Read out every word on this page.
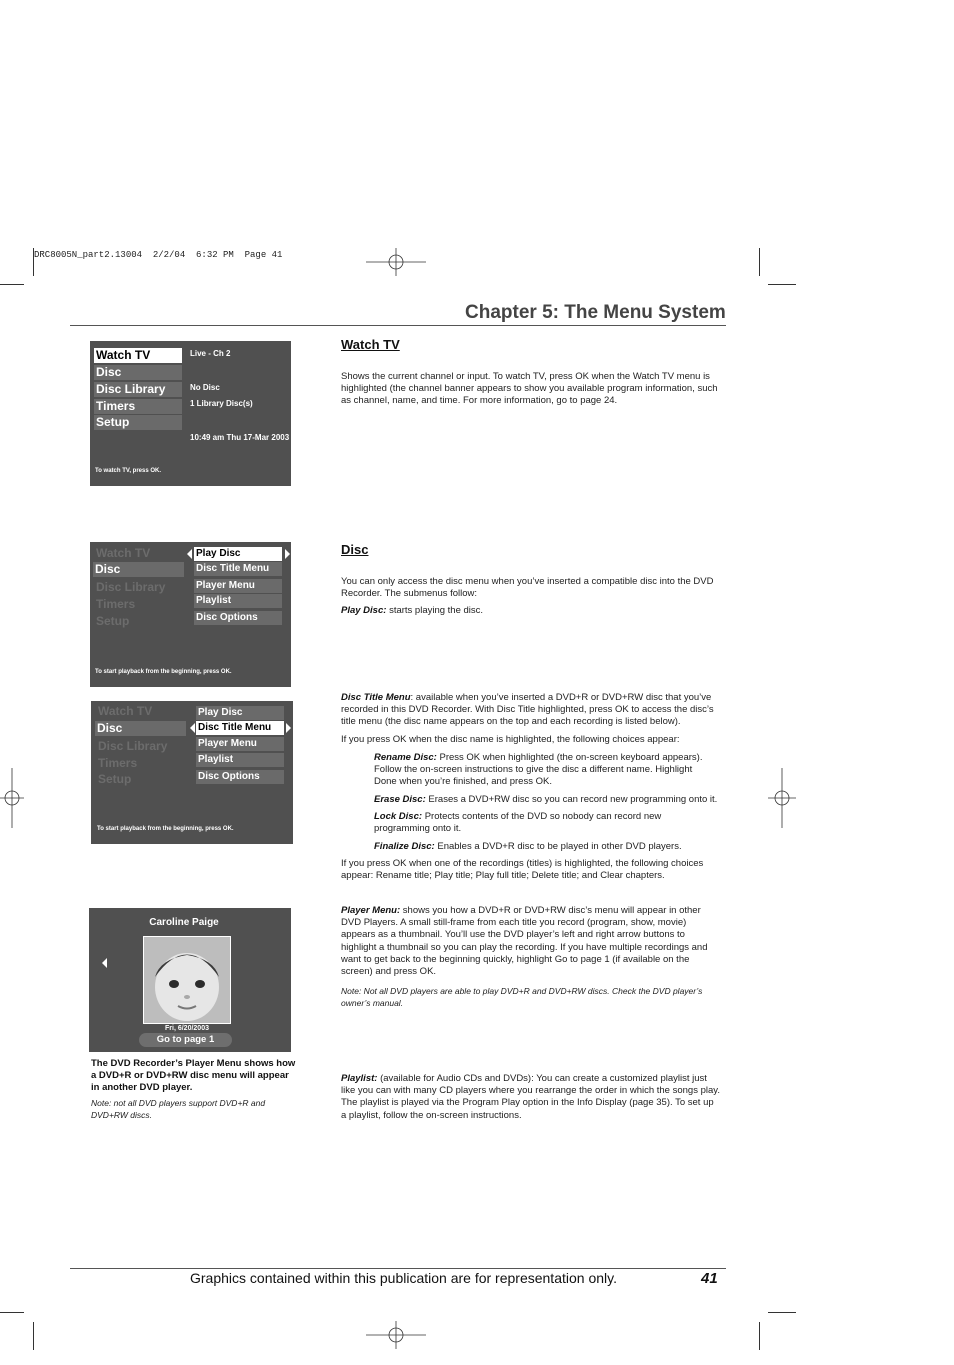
DRC8005N_part2.13004  2/2/04  6:32 PM  Page 41
Chapter 5: The Menu System
Watch TV
Disc
Disc Library
Timers
Setup
Live - Ch 2
No Disc
1 Library Disc(s)
10:49 am Thu 17-Mar 2003
To watch TV, press OK.
Watch TV
Disc
Disc Library
Timers
Setup
Play Disc
Disc Title Menu
Player Menu
Playlist
Disc Options
To start playback from the beginning, press OK.
Watch TV
Disc
Disc Library
Timers
Setup
Play Disc
Disc Title Menu
Player Menu
Playlist
Disc Options
To start playback from the beginning, press OK.
Caroline Paige
Fri, 6/20/2003
Go to page 1
The DVD Recorder’s Player Menu shows how a DVD+R or DVD+RW disc menu will appear in another DVD player.
Note: not all DVD players support DVD+R and DVD+RW discs.
Watch TV
Shows the current channel or input. To watch TV, press OK when the Watch TV menu is highlighted (the channel banner appears to show you available program information, such as channel, name, and time. For more information, go to page 24.
Disc
You can only access the disc menu when you’ve inserted a compatible disc into the DVD Recorder. The submenus follow:
Play Disc: starts playing the disc.
Disc Title Menu: available when you’ve inserted a DVD+R or DVD+RW disc that you’ve recorded in this DVD Recorder. With Disc Title highlighted, press OK to access the disc’s title menu (the disc name appears on the top and each recording is listed below).
If you press OK when the disc name is highlighted, the following choices appear:
Rename Disc: Press OK when highlighted (the on-screen keyboard appears). Follow the on-screen instructions to give the disc a different name. Highlight Done when you’re finished, and press OK.
Erase Disc: Erases a DVD+RW disc so you can record new programming onto it.
Lock Disc: Protects contents of the DVD so nobody can record new programming onto it.
Finalize Disc: Enables a DVD+R disc to be played in other DVD players.
If you press OK when one of the recordings (titles) is highlighted, the following choices appear: Rename title; Play title; Play full title; Delete title; and Clear chapters.
Player Menu: shows you how a DVD+R or DVD+RW disc’s menu will appear in other DVD Players. A small still-frame from each title you record (program, show, movie) appears as a thumbnail. You’ll use the DVD player’s left and right arrow buttons to highlight a thumbnail so you can play the recording. If you have multiple recordings and want to get back to the beginning quickly, highlight Go to page 1 (if available on the screen) and press OK.
Note: Not all DVD players are able to play DVD+R and DVD+RW discs. Check the DVD player’s owner’s manual.
Playlist: (available for Audio CDs and DVDs): You can create a customized playlist just like you can with many CD players where you rearrange the order in which the songs play. The playlist is played via the Program Play option in the Info Display (page 35). To set up a playlist, follow the on-screen instructions.
Graphics contained within this publication are for representation only.	41
